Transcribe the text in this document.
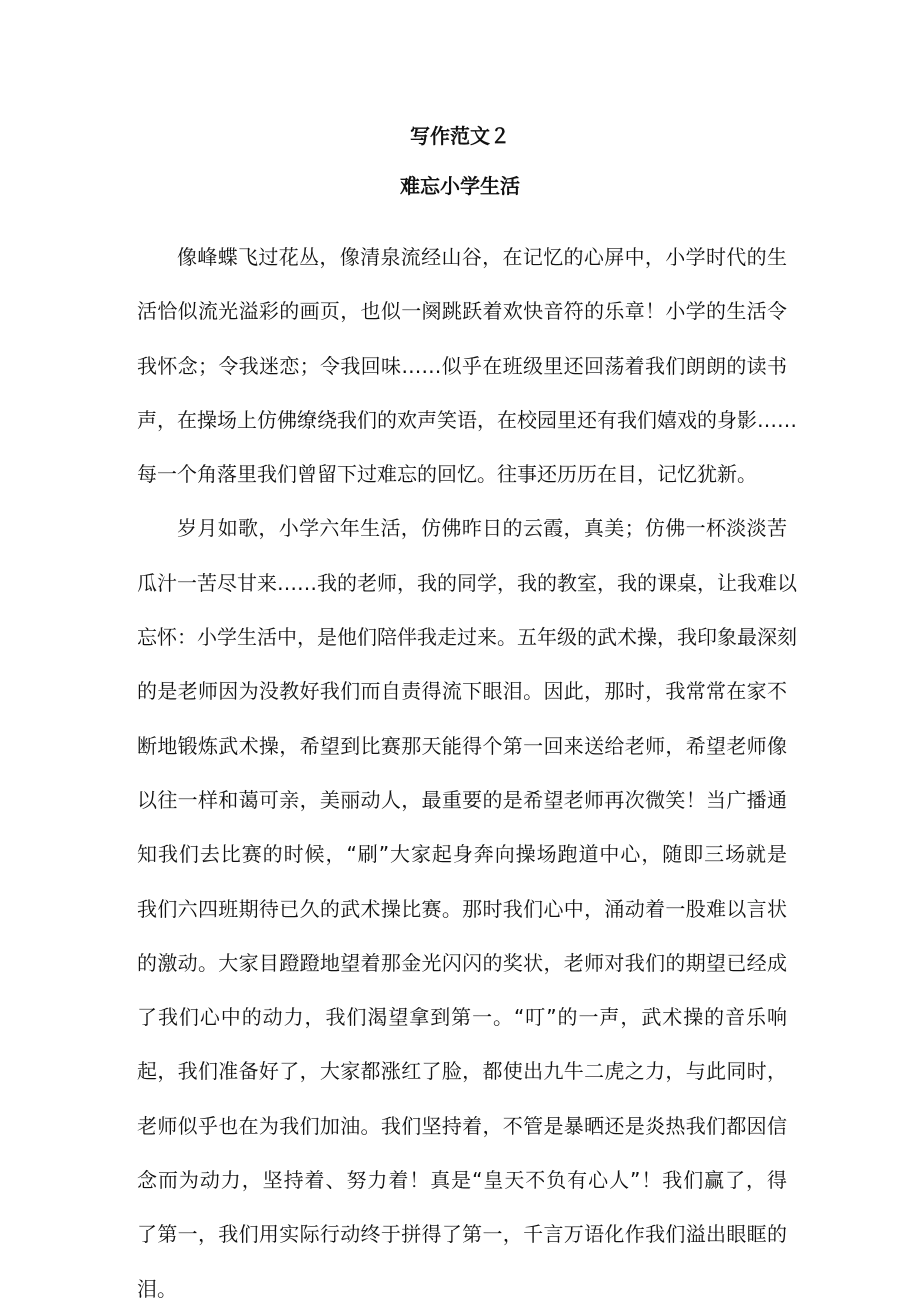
写作范文２
难忘小学生活
像峰蝶飞过花丛，像清泉流经山谷，在记忆的心屏中，小学时代的生
活恰似流光溢彩的画页，也似一阕跳跃着欢快音符的乐章！小学的生活令
我怀念；令我迷恋；令我回味……似乎在班级里还回荡着我们朗朗的读书
声，在操场上仿佛缭绕我们的欢声笑语，在校园里还有我们嬉戏的身影……
每一个角落里我们曾留下过难忘的回忆。往事还历历在目，记忆犹新。
岁月如歌，小学六年生活，仿佛昨日的云霞，真美；仿佛一杯淡淡苦
瓜汁一苦尽甘来……我的老师，我的同学，我的教室，我的课桌，让我难以
忘怀：小学生活中，是他们陪伴我走过来。五年级的武术操，我印象最深刻
的是老师因为没教好我们而自责得流下眼泪。因此，那时，我常常在家不
断地锻炼武术操，希望到比赛那天能得个第一回来送给老师，希望老师像
以往一样和蔼可亲，美丽动人，最重要的是希望老师再次微笑！当广播通
知我们去比赛的时候，“刷”大家起身奔向操场跑道中心，随即三场就是
我们六四班期待已久的武术操比赛。那时我们心中，涌动着一股难以言状
的激动。大家目蹬蹬地望着那金光闪闪的奖状，老师对我们的期望已经成
了我们心中的动力，我们渴望拿到第一。“叮”的一声，武术操的音乐响
起，我们准备好了，大家都涨红了脸，都使出九牛二虎之力，与此同时，
老师似乎也在为我们加油。我们坚持着，不管是暴晒还是炎热我们都因信
念而为动力，坚持着、努力着！真是“皇天不负有心人”！我们赢了，得
了第一，我们用实际行动终于拼得了第一，千言万语化作我们溢出眼眶的
泪。
